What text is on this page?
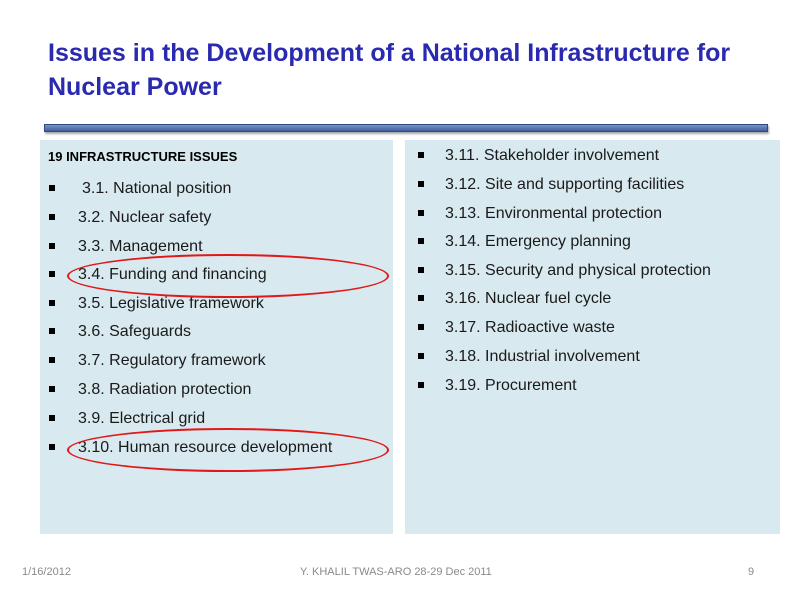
Issues in the Development of a National Infrastructure for Nuclear Power

19 INFRASTRUCTURE ISSUES

3.1. National position
3.2. Nuclear safety
3.3. Management
3.4. Funding and financing
3.5. Legislative framework
3.6. Safeguards
3.7. Regulatory framework
3.8. Radiation protection
3.9. Electrical grid
3.10. Human resource development
3.11. Stakeholder involvement
3.12. Site and supporting facilities
3.13. Environmental protection
3.14. Emergency planning
3.15. Security and physical protection
3.16. Nuclear fuel cycle
3.17. Radioactive waste
3.18. Industrial involvement
3.19. Procurement
1/16/2012	Y. KHALIL TWAS-ARO 28-29 Dec 2011	9
